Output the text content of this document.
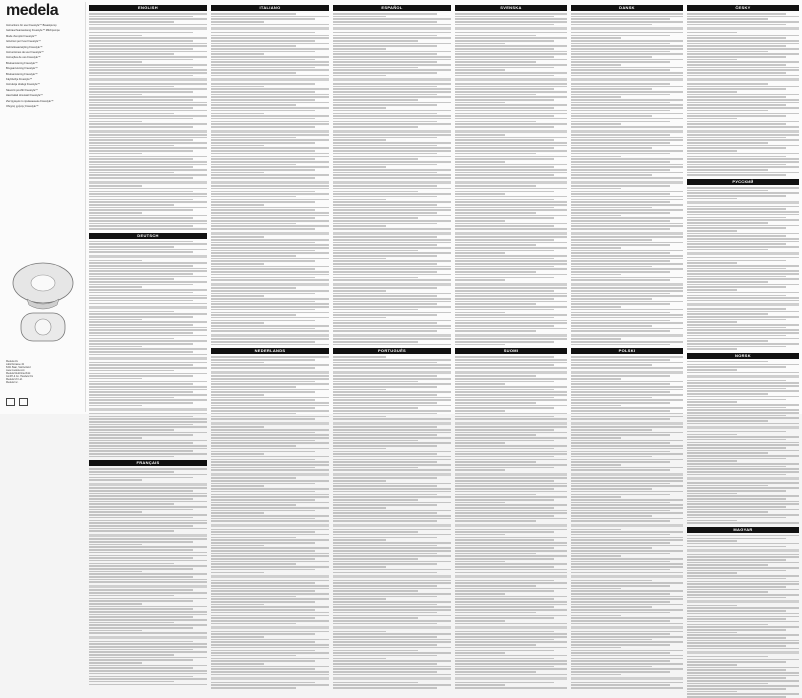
medela
Instructions for use Freestyle™ Breastpump
Gebrauchsanweisung Freestyle™ Milchpumpe
Mode d'emploi Freestyle™
Istruzioni per l'uso Freestyle™
Gebruiksaanwijzing Freestyle™
Instrucciones de uso Freestyle™
Instruções de uso Freestyle™
Bruksanvisning Freestyle™
Brugsanvisning Freestyle™
Bruksanvisning Freestyle™
Käyttöohje Freestyle™
Instrukcja obsługi Freestyle™
Návod k použití Freestyle™
Használati útmutató Freestyle™
Инструкция по применению Freestyle™
Οδηγίες χρήσης Freestyle™
Medela AG
Lättichstrasse 4b
6341 Baar, Switzerland
www.medela.com
Medela Medizintechnik
GmbH & Co. Handels KG
Medela UK Ltd.
Medela Inc.
ENGLISH
DEUTSCH
FRANÇAIS
ITALIANO
NEDERLANDS
ESPAÑOL
PORTUGUÊS
SVENSKA
SUOMI
DANSK
POLSKI
ČESKY
РУССКИЙ
NORSK
MAGYAR
